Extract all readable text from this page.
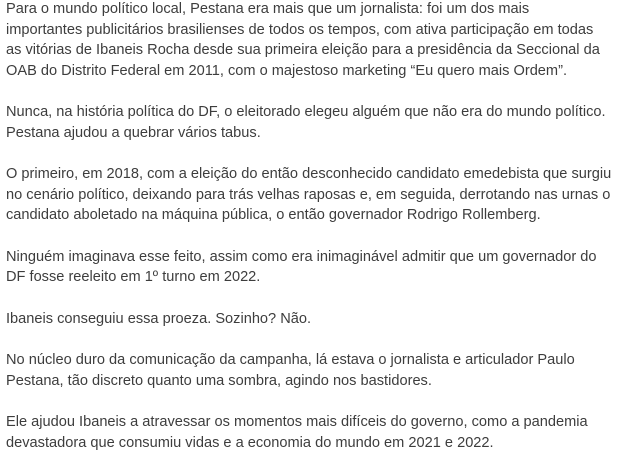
Para o mundo político local, Pestana era mais que um jornalista: foi um dos mais
importantes publicitários brasilienses de todos os tempos, com ativa participação em todas
as vitórias de Ibaneis Rocha desde sua primeira eleição para a presidência da Seccional da
OAB do Distrito Federal em 2011, com o majestoso marketing “Eu quero mais Ordem”.

Nunca, na história política do DF, o eleitorado elegeu alguém que não era do mundo político.
Pestana ajudou a quebrar vários tabus.

O primeiro, em 2018, com a eleição do então desconhecido candidato emedebista que surgiu
no cenário político, deixando para trás velhas raposas e, em seguida, derrotando nas urnas o
candidato aboletado na máquina pública, o então governador Rodrigo Rollemberg.

Ninguém imaginava esse feito, assim como era inimaginável admitir que um governador do
DF fosse reeleito em 1º turno em 2022.

Ibaneis conseguiu essa proeza. Sozinho? Não.

No núcleo duro da comunicação da campanha, lá estava o jornalista e articulador Paulo
Pestana, tão discreto quanto uma sombra, agindo nos bastidores.

Ele ajudou Ibaneis a atravessar os momentos mais difíceis do governo, como a pandemia
devastadora que consumiu vidas e a economia do mundo em 2021 e 2022.
